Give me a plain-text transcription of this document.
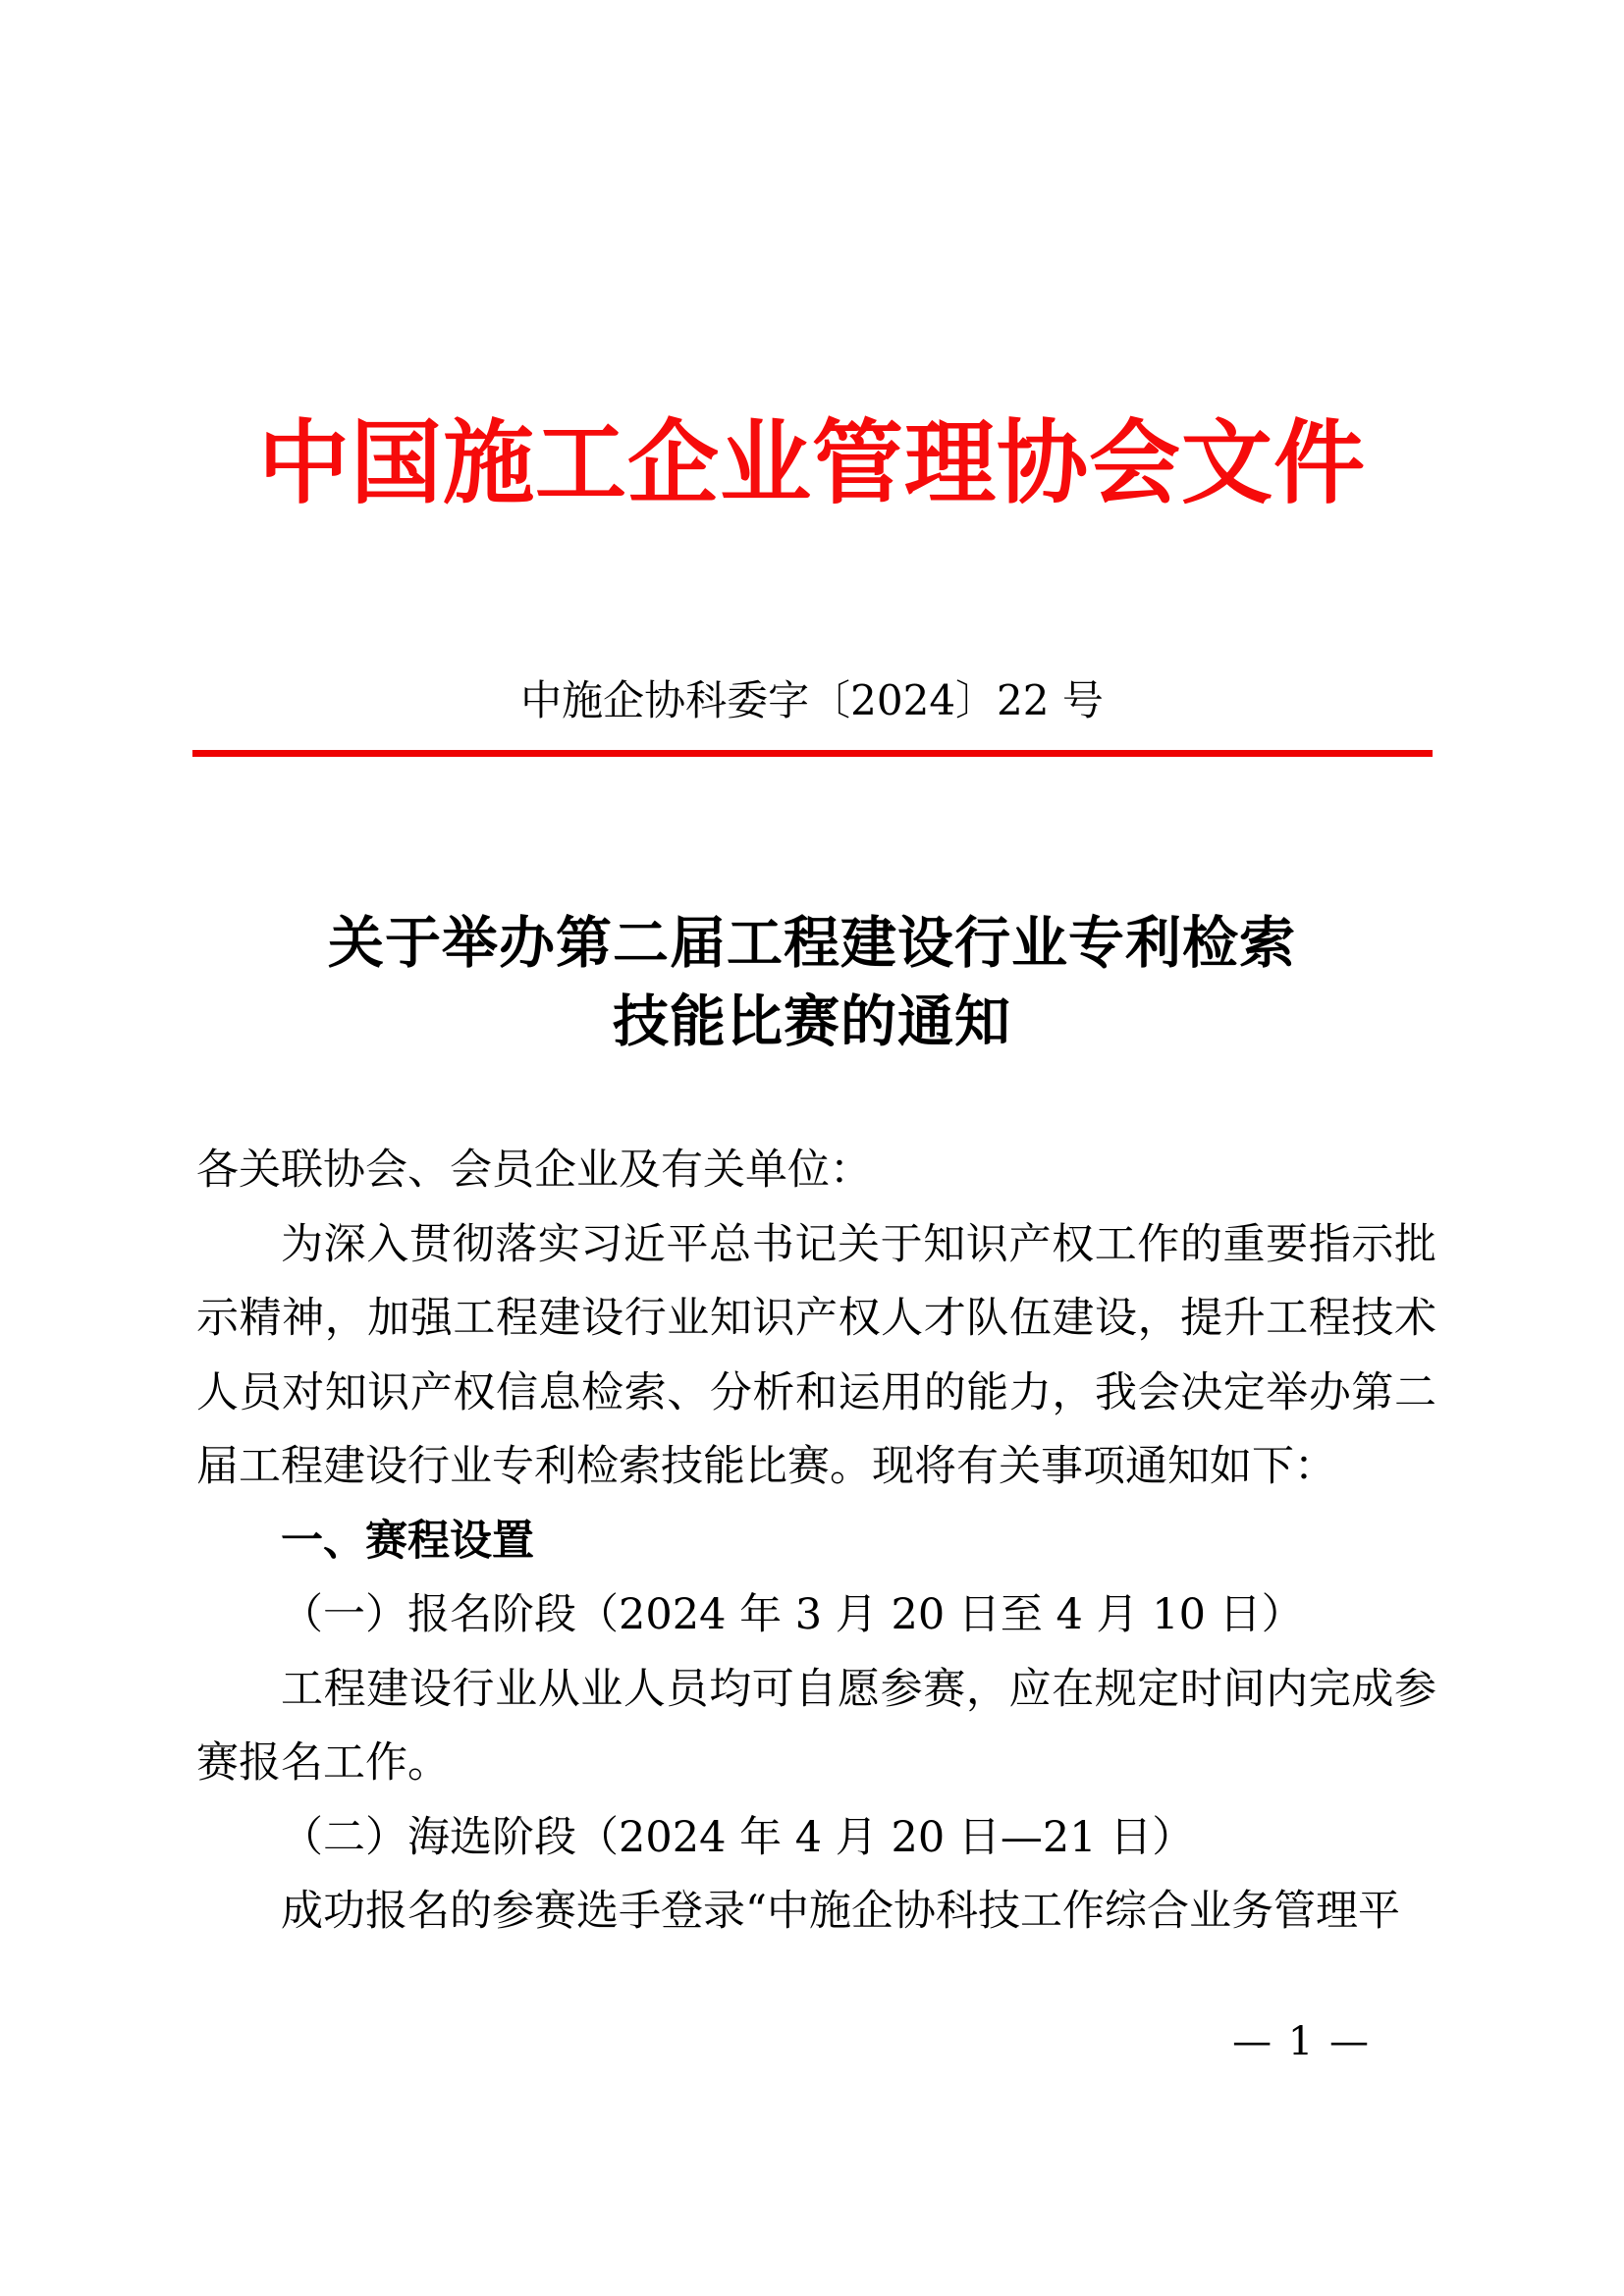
中国施工企业管理协会文件
中施企协科委字〔2024〕22 号
关于举办第二届工程建设行业专利检索
技能比赛的通知

各关联协会、会员企业及有关单位：

为深入贯彻落实习近平总书记关于知识产权工作的重要指示批示精神，加强工程建设行业知识产权人才队伍建设，提升工程技术人员对知识产权信息检索、分析和运用的能力，我会决定举办第二届工程建设行业专利检索技能比赛。现将有关事项通知如下：

一、赛程设置

（一）报名阶段（2024 年 3 月 20 日至 4 月 10 日）

工程建设行业从业人员均可自愿参赛，应在规定时间内完成参赛报名工作。

（二）海选阶段（2024 年 4 月 20 日—21 日）

成功报名的参赛选手登录“中施企协科技工作综合业务管理平

— 1 —
